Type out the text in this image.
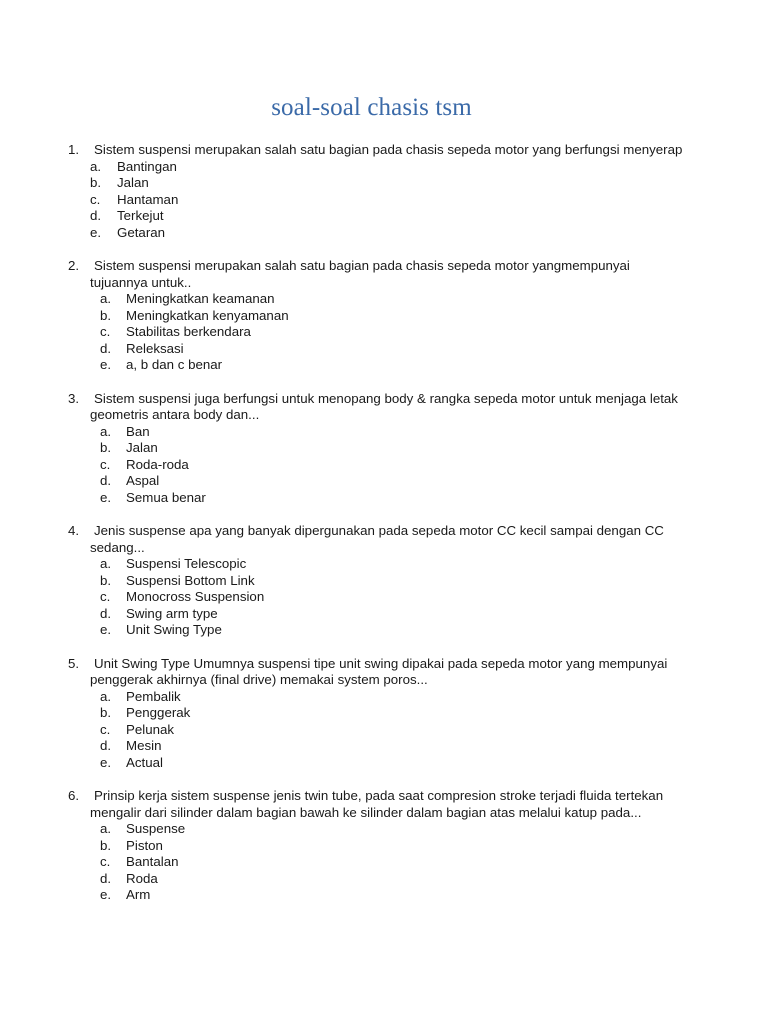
soal-soal chasis tsm
1.	Sistem suspensi merupakan salah satu bagian pada chasis sepeda motor yang berfungsi menyerap
a. Bantingan
b. Jalan
c. Hantaman
d. Terkejut
e. Getaran
2.	Sistem suspensi merupakan salah satu bagian pada chasis sepeda motor yangmempunyai tujuannya untuk..
a. Meningkatkan keamanan
b. Meningkatkan kenyamanan
c. Stabilitas berkendara
d. Releksasi
e. a, b dan c benar
3.	Sistem suspensi juga berfungsi untuk menopang body & rangka sepeda motor untuk menjaga letak geometris antara body dan...
a. Ban
b. Jalan
c. Roda-roda
d. Aspal
e. Semua benar
4.	Jenis suspense apa yang banyak dipergunakan pada sepeda motor CC kecil sampai dengan CC sedang...
a. Suspensi Telescopic
b. Suspensi Bottom Link
c. Monocross Suspension
d. Swing arm type
e. Unit Swing Type
5.	Unit Swing Type Umumnya suspensi tipe unit swing dipakai pada sepeda motor yang mempunyai penggerak akhirnya (final drive) memakai system poros...
a. Pembalik
b. Penggerak
c. Pelunak
d. Mesin
e. Actual
6.	Prinsip kerja sistem suspense jenis twin tube, pada saat compresion stroke terjadi fluida tertekan mengalir dari silinder dalam bagian bawah ke silinder dalam bagian atas melalui katup pada...
a. Suspense
b. Piston
c. Bantalan
d. Roda
e. Arm
